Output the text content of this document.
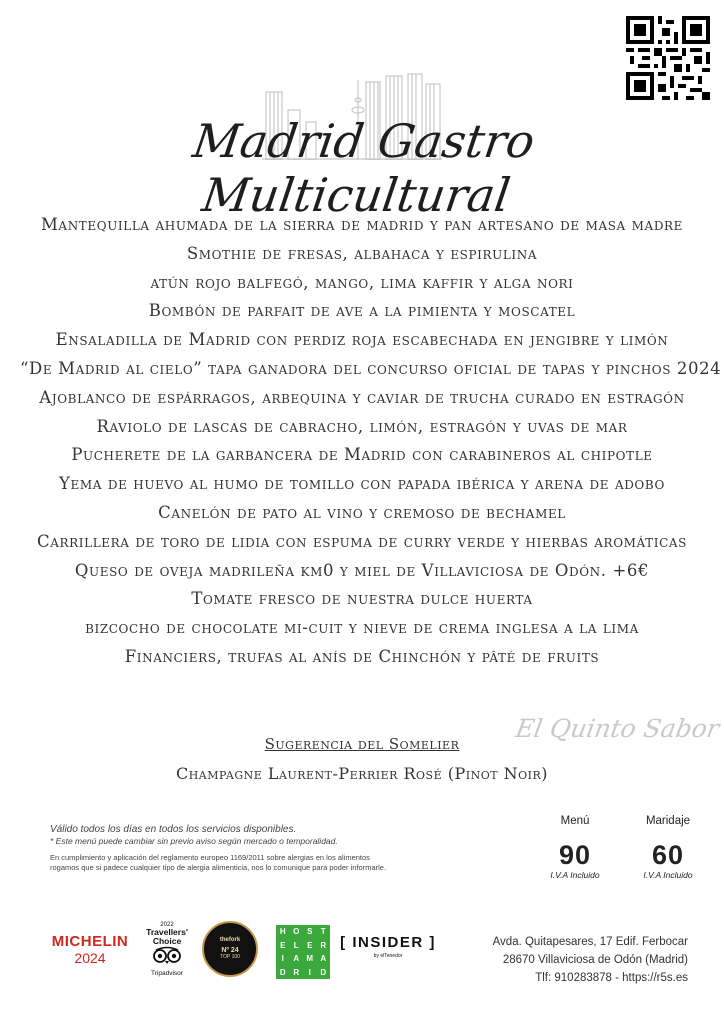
Madrid Gastro Multicultural
Mantequilla ahumada de la sierra de madrid y pan artesano de masa madre
Smothie de fresas, albahaca y espirulina
atún rojo balfegó, mango, lima kaffir y alga nori
Bombón de parfait de ave a la pimienta y moscatel
Ensaladilla de Madrid con perdiz roja escabechada en jengibre y limón
“De Madrid al cielo” tapa ganadora del concurso oficial de tapas y pinchos 2024
Ajoblanco de espárragos, arbequina y caviar de trucha curado en estragón
Raviolo de lascas de cabracho, limón, estragón y uvas de mar
Pucherete de la garbancera de Madrid con carabineros al chipotle
Yema de huevo al humo de tomillo con papada ibérica y arena de adobo
Canelón de pato al vino y cremoso de bechamel
Carrillera de toro de lidia con espuma de curry verde y hierbas aromáticas
Queso de oveja madrileña km0 y miel de Villaviciosa de Odón. +6€
Tomate fresco de nuestra dulce huerta
bizcocho de chocolate mi-cuit y nieve de crema inglesa a la lima
Financiers, trufas al anís de Chinchón y pâté de fruits
El Quinto Sabor
Sugerencia del Somelier
Champagne Laurent-Perrier Rosé (Pinot Noir)
Válido todos los días en todos los servicios disponibles.
* Este menú puede cambiar sin previo aviso según mercado o temporalidad.
En cumplimiento y aplicación del reglamento europeo 1169/2011 sobre alergias en los alimentos
rogamos que si padece cualquier tipo de alergia alimenticia, nos lo comunique para poder informarle.
Menú
90
I.V.A Incluido
Maridaje
60
I.V.A Incluido
MICHELIN
2024
2022
Travellers'
Choice
Tripadvisor
thefork
Nº 24
TOP 100
H O S	T
E	L	E R
I	A M A
D R	I	D
[ INSIDER ]
by elTenedor
Avda. Quitapesares, 17 Edif. Ferbocar
28670 Villaviciosa de Odón (Madrid)
Tlf: 910283878 - https://r5s.es
